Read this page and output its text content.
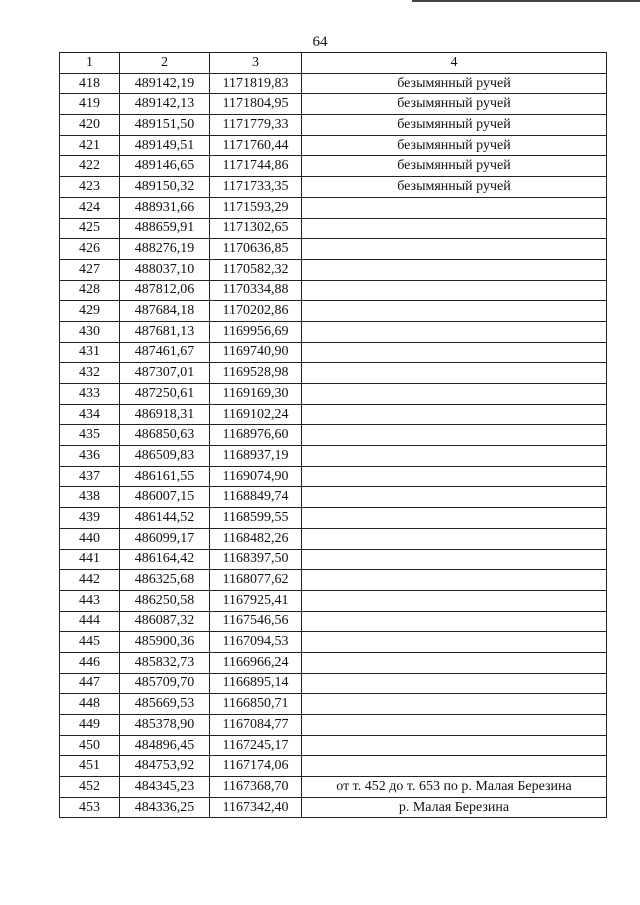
64
1	2	3	4
418	489142,19	1171819,83	безымянный ручей
419	489142,13	1171804,95	безымянный ручей
420	489151,50	1171779,33	безымянный ручей
421	489149,51	1171760,44	безымянный ручей
422	489146,65	1171744,86	безымянный ручей
423	489150,32	1171733,35	безымянный ручей
424	488931,66	1171593,29	
425	488659,91	1171302,65	
426	488276,19	1170636,85	
427	488037,10	1170582,32	
428	487812,06	1170334,88	
429	487684,18	1170202,86	
430	487681,13	1169956,69	
431	487461,67	1169740,90	
432	487307,01	1169528,98	
433	487250,61	1169169,30	
434	486918,31	1169102,24	
435	486850,63	1168976,60	
436	486509,83	1168937,19	
437	486161,55	1169074,90	
438	486007,15	1168849,74	
439	486144,52	1168599,55	
440	486099,17	1168482,26	
441	486164,42	1168397,50	
442	486325,68	1168077,62	
443	486250,58	1167925,41	
444	486087,32	1167546,56	
445	485900,36	1167094,53	
446	485832,73	1166966,24	
447	485709,70	1166895,14	
448	485669,53	1166850,71	
449	485378,90	1167084,77	
450	484896,45	1167245,17	
451	484753,92	1167174,06	
452	484345,23	1167368,70	от т. 452 до т. 653 по р. Малая Березина
453	484336,25	1167342,40	р. Малая Березина
